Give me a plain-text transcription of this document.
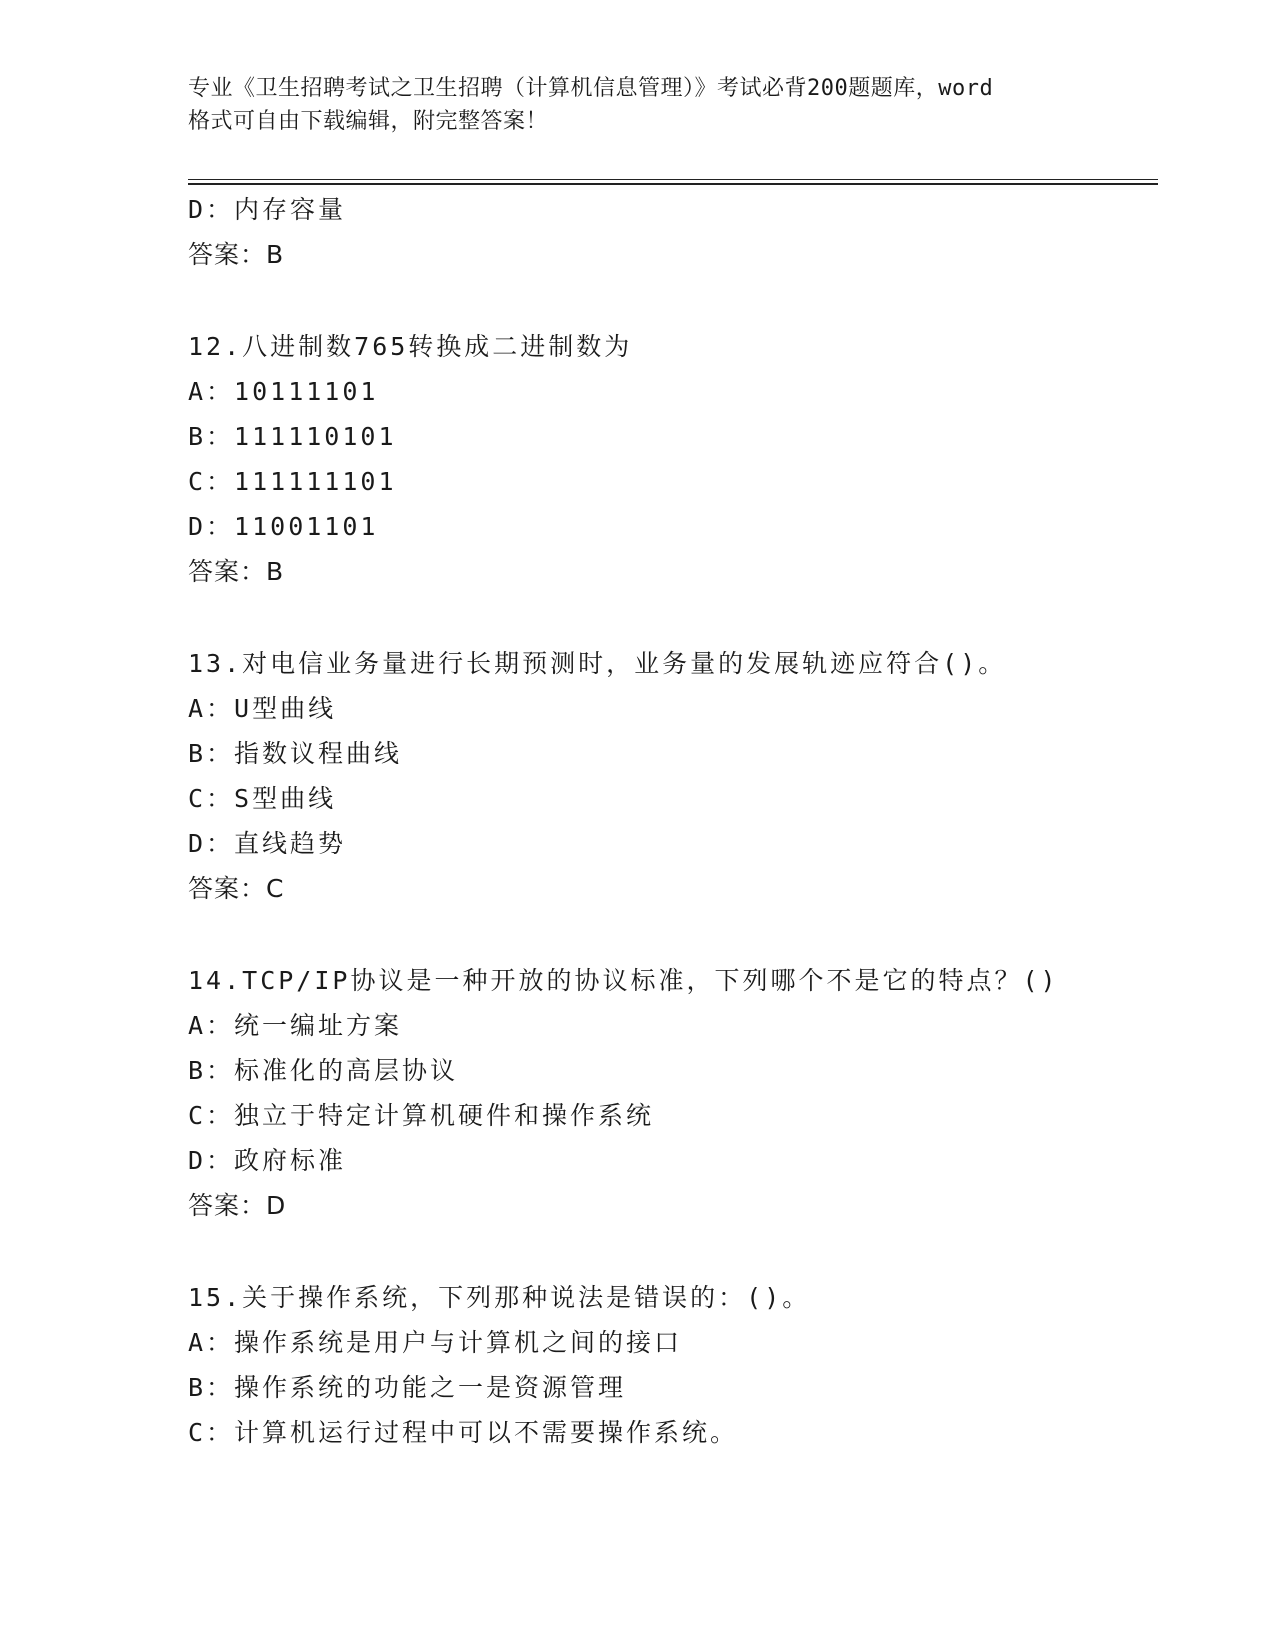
专业《卫生招聘考试之卫生招聘（计算机信息管理）》考试必背200题题库，word
格式可自由下载编辑，附完整答案！
D：内存容量
答案：B
12.八进制数765转换成二进制数为
A：10111101
B：111110101
C：111111101
D：11001101
答案：B
13.对电信业务量进行长期预测时，业务量的发展轨迹应符合()。
A：U型曲线
B：指数议程曲线
C：S型曲线
D：直线趋势
答案：C
14.TCP/IP协议是一种开放的协议标准，下列哪个不是它的特点？()
A：统一编址方案
B：标准化的高层协议
C：独立于特定计算机硬件和操作系统
D：政府标准
答案：D
15.关于操作系统，下列那种说法是错误的：()。
A：操作系统是用户与计算机之间的接口
B：操作系统的功能之一是资源管理
C：计算机运行过程中可以不需要操作系统。
